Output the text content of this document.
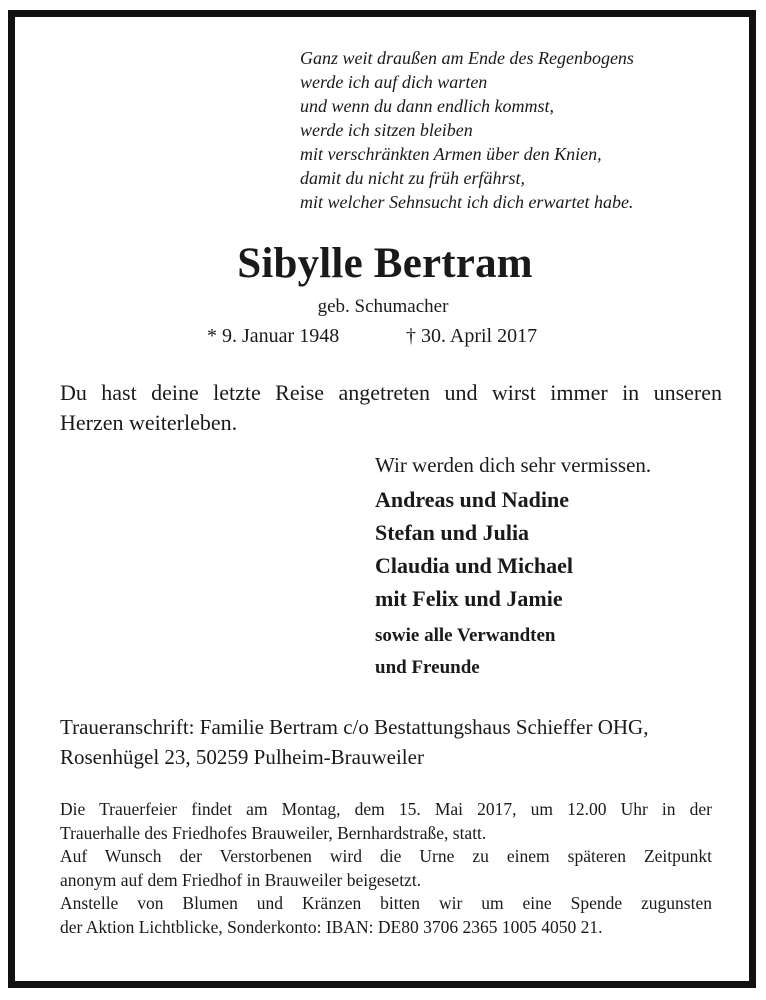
Ganz weit draußen am Ende des Regenbogens
werde ich auf dich warten
und wenn du dann endlich kommst,
werde ich sitzen bleiben
mit verschränkten Armen über den Knien,
damit du nicht zu früh erfährst,
mit welcher Sehnsucht ich dich erwartet habe.
Sibylle Bertram
geb. Schumacher
* 9. Januar 1948	† 30. April 2017
Du hast deine letzte Reise angetreten und wirst immer in unseren
Herzen weiterleben.
Wir werden dich sehr vermissen.
Andreas und Nadine
Stefan und Julia
Claudia und Michael
mit Felix und Jamie
sowie alle Verwandten
und Freunde
Traueranschrift: Familie Bertram c/o Bestattungshaus Schieffer OHG,
Rosenhügel 23, 50259 Pulheim-Brauweiler
Die Trauerfeier findet am Montag, dem 15. Mai 2017, um 12.00 Uhr in der
Trauerhalle des Friedhofes Brauweiler, Bernhardstraße, statt.
Auf Wunsch der Verstorbenen wird die Urne zu einem späteren Zeitpunkt
anonym auf dem Friedhof in Brauweiler beigesetzt.
Anstelle von Blumen und Kränzen bitten wir um eine Spende zugunsten
der Aktion Lichtblicke, Sonderkonto: IBAN: DE80 3706 2365 1005 4050 21.
